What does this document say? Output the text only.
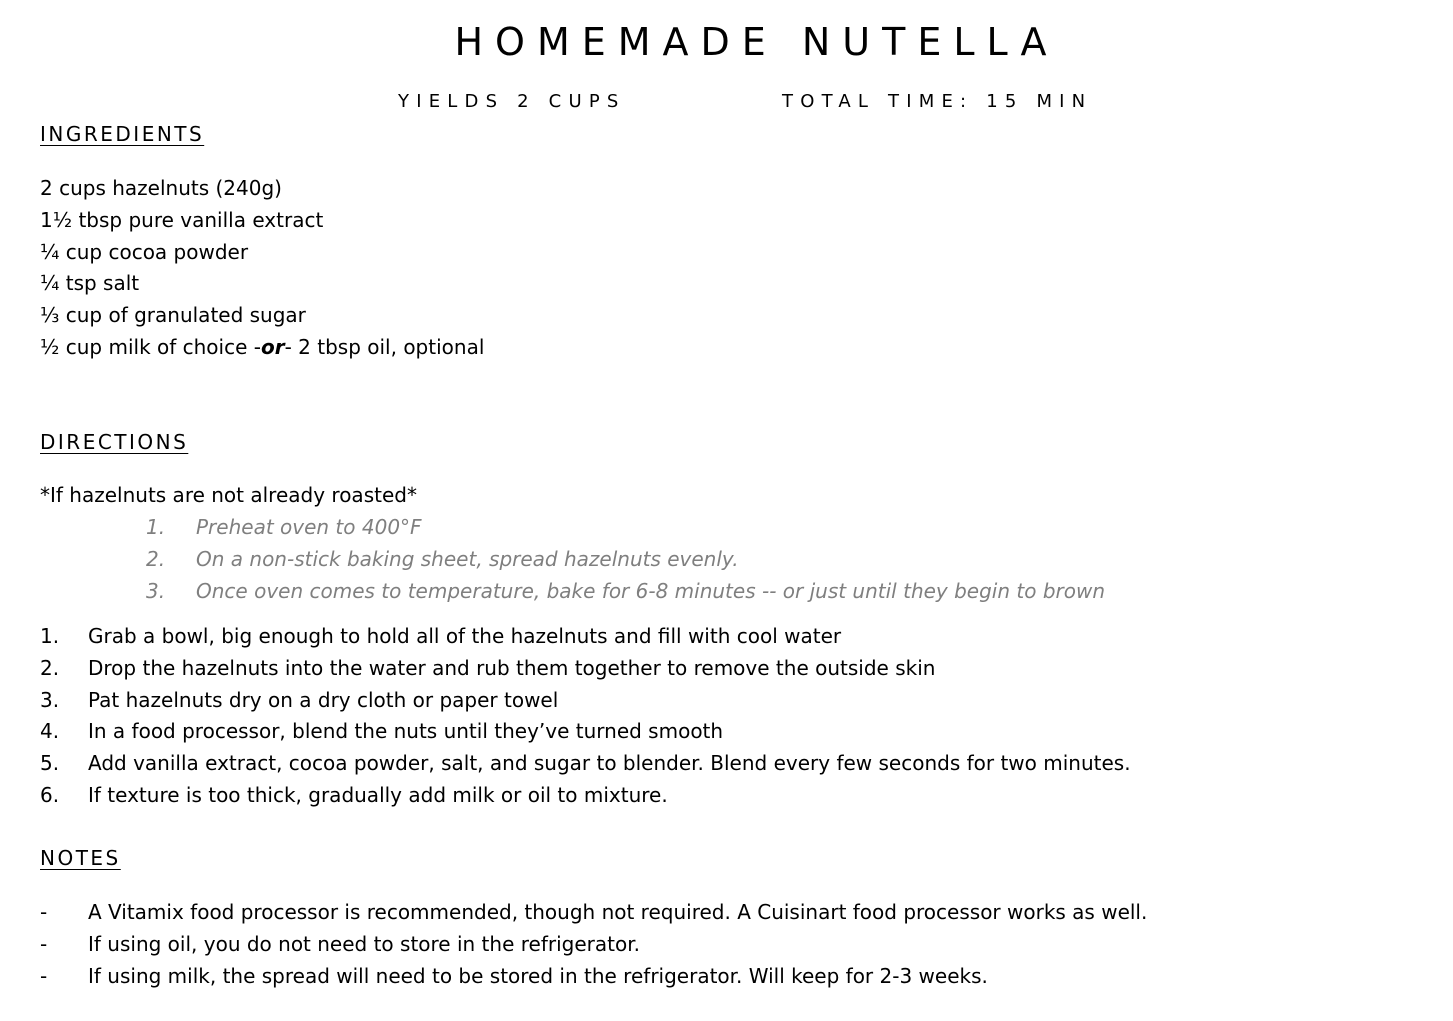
HOMEMADE NUTELLA
YIELDS 2 CUPS	TOTAL TIME: 15 MIN
INGREDIENTS
2 cups hazelnuts (240g)
1½ tbsp pure vanilla extract
¼ cup cocoa powder
¼ tsp salt
⅓ cup of granulated sugar
½ cup milk of choice -or- 2 tbsp oil, optional
DIRECTIONS
*If hazelnuts are not already roasted*
1. Preheat oven to 400°F
2. On a non-stick baking sheet, spread hazelnuts evenly.
3. Once oven comes to temperature, bake for 6-8 minutes -- or just until they begin to brown
1. Grab a bowl, big enough to hold all of the hazelnuts and fill with cool water
2. Drop the hazelnuts into the water and rub them together to remove the outside skin
3. Pat hazelnuts dry on a dry cloth or paper towel
4. In a food processor, blend the nuts until they’ve turned smooth
5. Add vanilla extract, cocoa powder, salt, and sugar to blender. Blend every few seconds for two minutes.
6. If texture is too thick, gradually add milk or oil to mixture.
NOTES
- A Vitamix food processor is recommended, though not required. A Cuisinart food processor works as well.
- If using oil, you do not need to store in the refrigerator.
- If using milk, the spread will need to be stored in the refrigerator. Will keep for 2-3 weeks.
